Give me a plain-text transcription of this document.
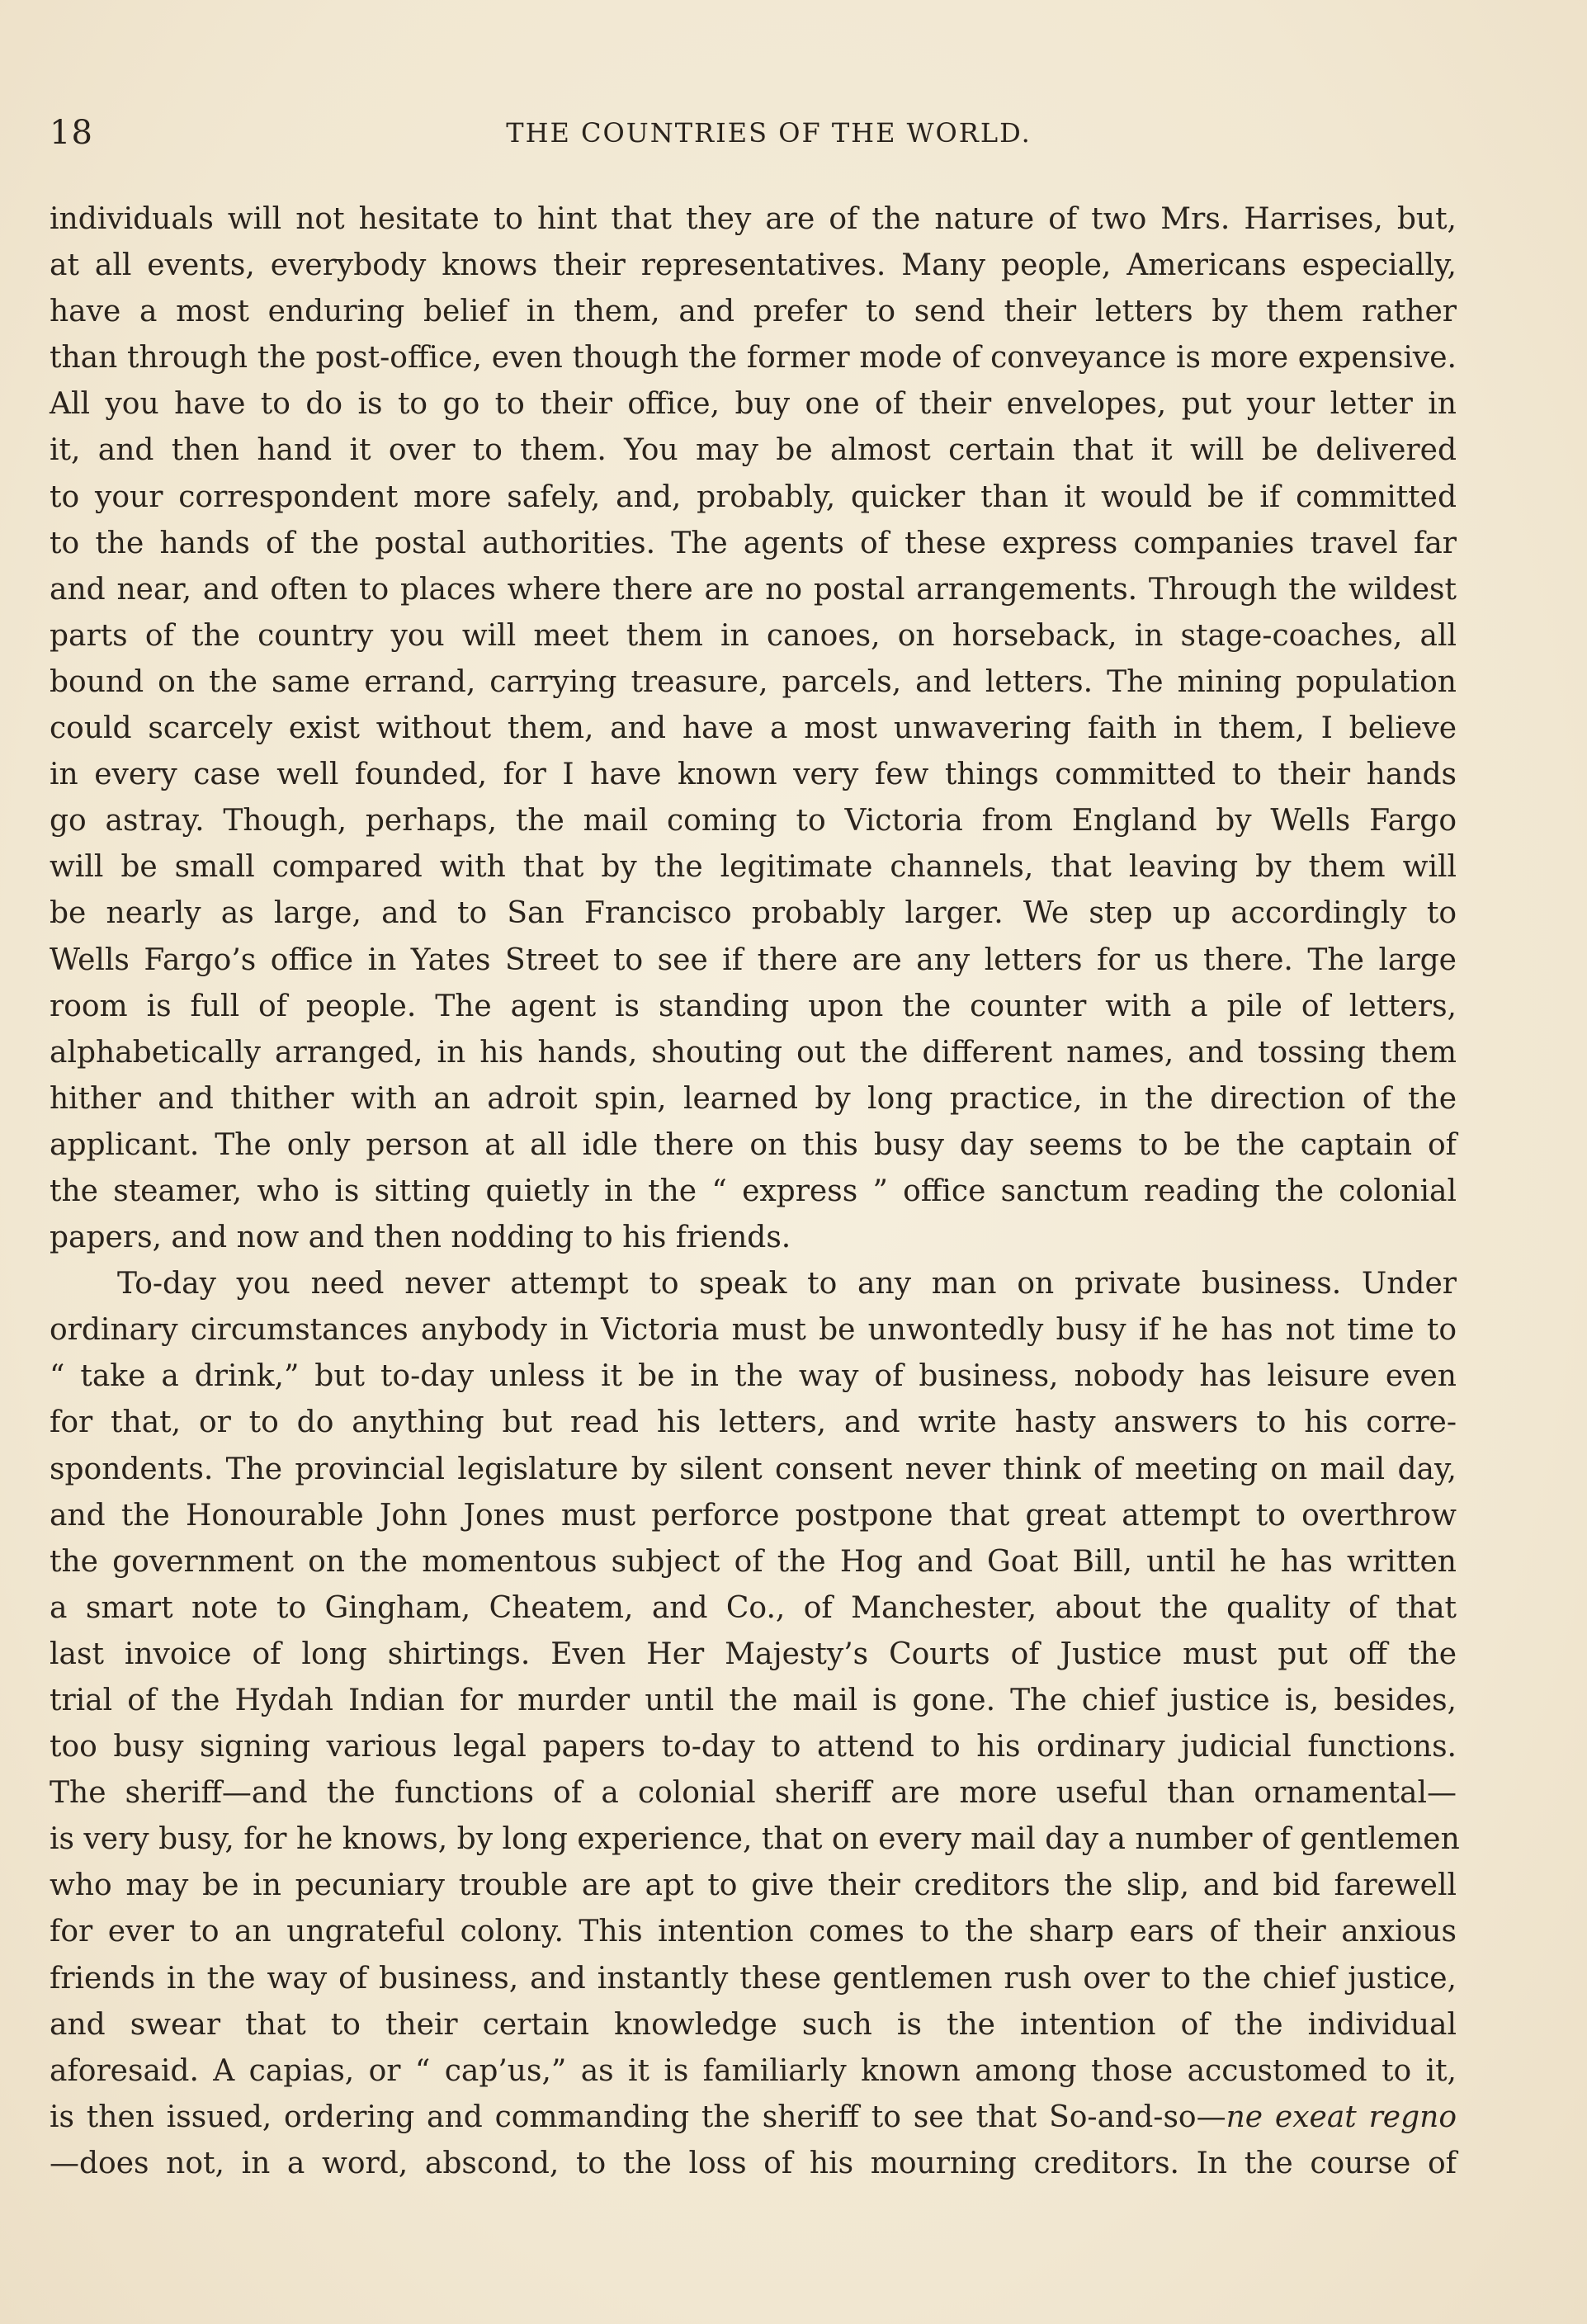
18	THE COUNTRIES OF THE WORLD.
individuals will not hesitate to hint that they are of the nature of two Mrs. Harrises, but,
at all events, everybody knows their representatives. Many people, Americans especially,
have a most enduring belief in them, and prefer to send their letters by them rather
than through the post-office, even though the former mode of conveyance is more expensive.
All you have to do is to go to their office, buy one of their envelopes, put your letter in
it, and then hand it over to them. You may be almost certain that it will be delivered
to your correspondent more safely, and, probably, quicker than it would be if committed
to the hands of the postal authorities. The agents of these express companies travel far
and near, and often to places where there are no postal arrangements. Through the wildest
parts of the country you will meet them in canoes, on horseback, in stage-coaches, all
bound on the same errand, carrying treasure, parcels, and letters. The mining population
could scarcely exist without them, and have a most unwavering faith in them, I believe
in every case well founded, for I have known very few things committed to their hands
go astray. Though, perhaps, the mail coming to Victoria from England by Wells Fargo
will be small compared with that by the legitimate channels, that leaving by them will
be nearly as large, and to San Francisco probably larger. We step up accordingly to
Wells Fargo’s office in Yates Street to see if there are any letters for us there. The large
room is full of people. The agent is standing upon the counter with a pile of letters,
alphabetically arranged, in his hands, shouting out the different names, and tossing them
hither and thither with an adroit spin, learned by long practice, in the direction of the
applicant. The only person at all idle there on this busy day seems to be the captain of
the steamer, who is sitting quietly in the “ express ” office sanctum reading the colonial
papers, and now and then nodding to his friends.
To-day you need never attempt to speak to any man on private business. Under
ordinary circumstances anybody in Victoria must be unwontedly busy if he has not time to
“ take a drink,” but to-day unless it be in the way of business, nobody has leisure even
for that, or to do anything but read his letters, and write hasty answers to his corre-
spondents. The provincial legislature by silent consent never think of meeting on mail day,
and the Honourable John Jones must perforce postpone that great attempt to overthrow
the government on the momentous subject of the Hog and Goat Bill, until he has written
a smart note to Gingham, Cheatem, and Co., of Manchester, about the quality of that
last invoice of long shirtings. Even Her Majesty’s Courts of Justice must put off the
trial of the Hydah Indian for murder until the mail is gone. The chief justice is, besides,
too busy signing various legal papers to-day to attend to his ordinary judicial functions.
The sheriff—and the functions of a colonial sheriff are more useful than ornamental—
is very busy, for he knows, by long experience, that on every mail day a number of gentlemen
who may be in pecuniary trouble are apt to give their creditors the slip, and bid farewell
for ever to an ungrateful colony. This intention comes to the sharp ears of their anxious
friends in the way of business, and instantly these gentlemen rush over to the chief justice,
and swear that to their certain knowledge such is the intention of the individual
aforesaid. A capias, or “ cap’us,” as it is familiarly known among those accustomed to it,
is then issued, ordering and commanding the sheriff to see that So-and-so—ne exeat regno
—does not, in a word, abscond, to the loss of his mourning creditors. In the course of
